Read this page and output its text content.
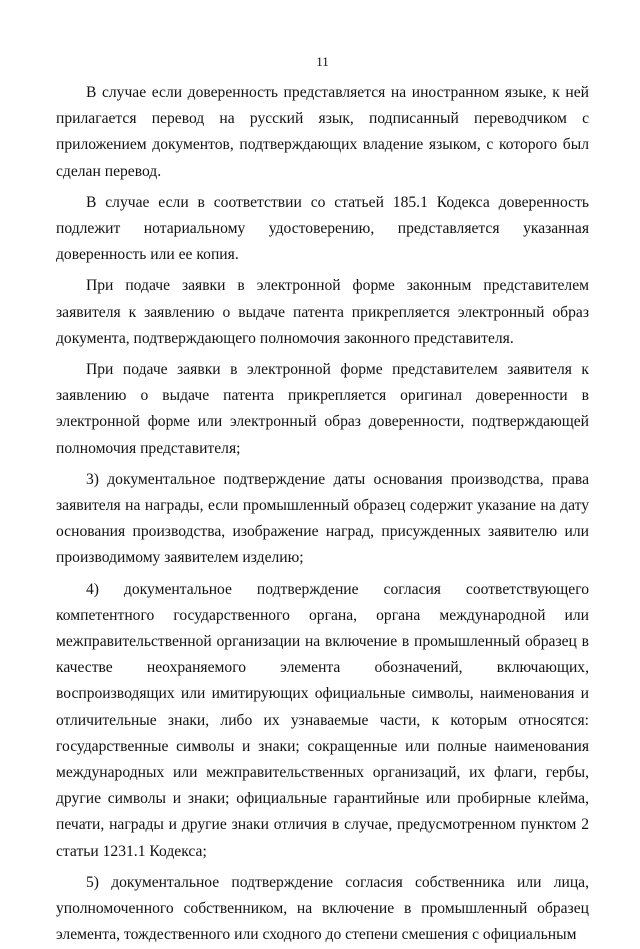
11

В случае если доверенность представляется на иностранном языке, к ней прилагается перевод на русский язык, подписанный переводчиком с приложением документов, подтверждающих владение языком, с которого был сделан перевод.

В случае если в соответствии со статьей 185.1 Кодекса доверенность подлежит нотариальному удостоверению, представляется указанная доверенность или ее копия.

При подаче заявки в электронной форме законным представителем заявителя к заявлению о выдаче патента прикрепляется электронный образ документа, подтверждающего полномочия законного представителя.

При подаче заявки в электронной форме представителем заявителя к заявлению о выдаче патента прикрепляется оригинал доверенности в электронной форме или электронный образ доверенности, подтверждающей полномочия представителя;

3) документальное подтверждение даты основания производства, права заявителя на награды, если промышленный образец содержит указание на дату основания производства, изображение наград, присужденных заявителю или производимому заявителем изделию;

4) документальное подтверждение согласия соответствующего компетентного государственного органа, органа международной или межправительственной организации на включение в промышленный образец в качестве неохраняемого элемента обозначений, включающих, воспроизводящих или имитирующих официальные символы, наименования и отличительные знаки, либо их узнаваемые части, к которым относятся: государственные символы и знаки; сокращенные или полные наименования международных или межправительственных организаций, их флаги, гербы, другие символы и знаки; официальные гарантийные или пробирные клейма, печати, награды и другие знаки отличия в случае, предусмотренном пунктом 2 статьи 1231.1 Кодекса;

5) документальное подтверждение согласия собственника или лица, уполномоченного собственником, на включение в промышленный образец элемента, тождественного или сходного до степени смешения с официальным
